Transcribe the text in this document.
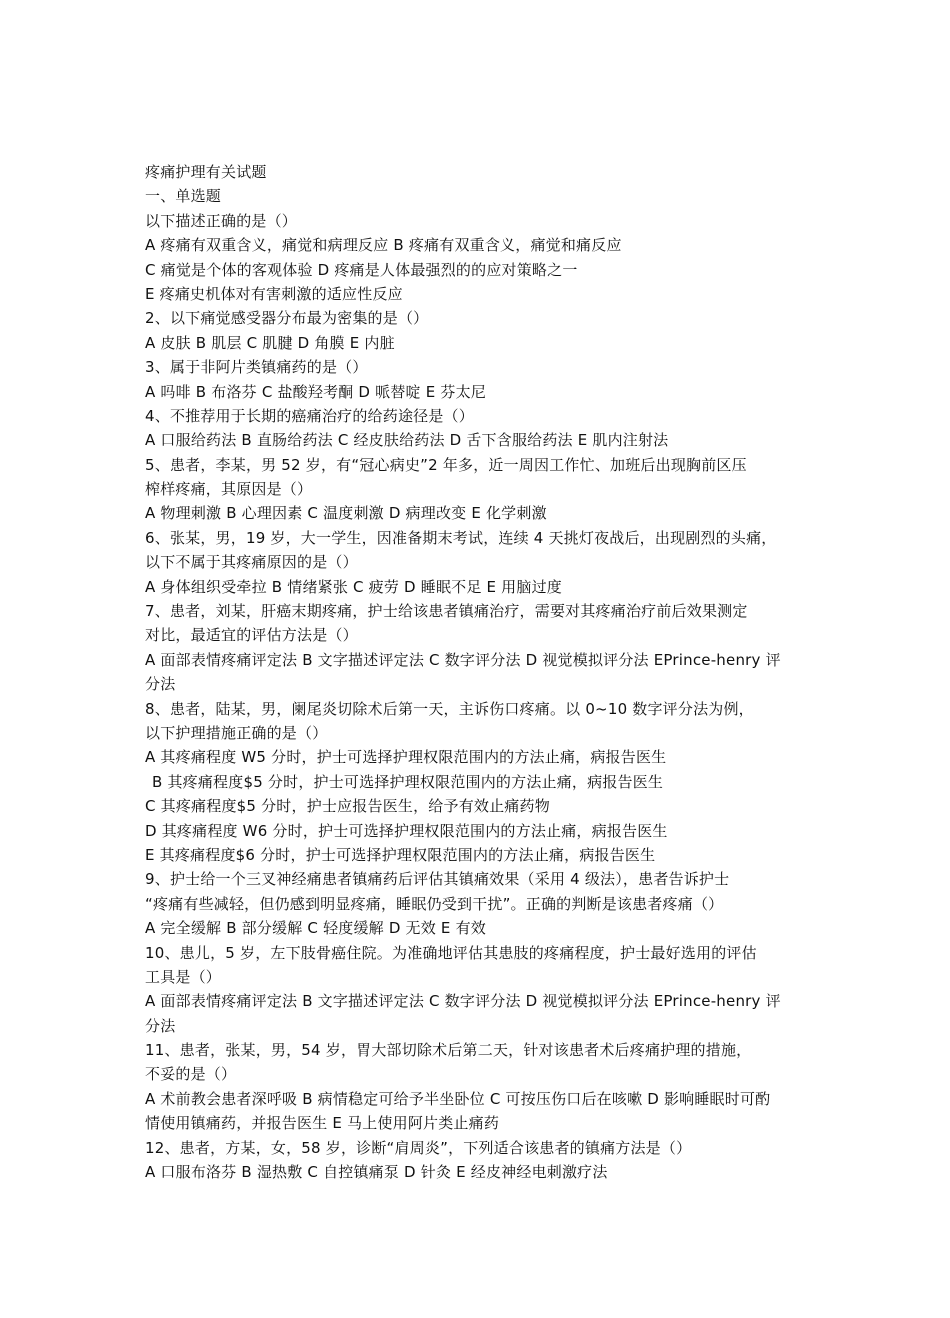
疼痛护理有关试题
一、单选题
以下描述正确的是（）
A 疼痛有双重含义，痛觉和病理反应 B 疼痛有双重含义，痛觉和痛反应
C 痛觉是个体的客观体验 D 疼痛是人体最强烈的的应对策略之一
E 疼痛史机体对有害刺激的适应性反应
2、以下痛觉感受器分布最为密集的是（）
A 皮肤 B 肌层 C 肌腱 D 角膜 E 内脏
3、属于非阿片类镇痛药的是（）
A 吗啡 B 布洛芬 C 盐酸羟考酮 D 哌替啶 E 芬太尼
4、不推荐用于长期的癌痛治疗的给药途径是（）
A 口服给药法 B 直肠给药法 C 经皮肤给药法 D 舌下含服给药法 E 肌内注射法
5、患者，李某，男 52 岁，有“冠心病史”2 年多，近一周因工作忙、加班后出现胸前区压
榨样疼痛，其原因是（）
A 物理刺激 B 心理因素 C 温度刺激 D 病理改变 E 化学刺激
6、张某，男，19 岁，大一学生，因准备期末考试，连续 4 天挑灯夜战后，出现剧烈的头痛，
以下不属于其疼痛原因的是（）
A 身体组织受牵拉 B 情绪紧张 C 疲劳 D 睡眠不足 E 用脑过度
7、患者，刘某，肝癌末期疼痛，护士给该患者镇痛治疗，需要对其疼痛治疗前后效果测定
对比，最适宜的评估方法是（）
A 面部表情疼痛评定法 B 文字描述评定法 C 数字评分法 D 视觉模拟评分法 EPrince-henry 评
分法
8、患者，陆某，男，阑尾炎切除术后第一天，主诉伤口疼痛。以 0~10 数字评分法为例，
以下护理措施正确的是（）
A 其疼痛程度 W5 分时，护士可选择护理权限范围内的方法止痛，病报告医生
B 其疼痛程度$5 分时，护士可选择护理权限范围内的方法止痛，病报告医生
C 其疼痛程度$5 分时，护士应报告医生，给予有效止痛药物
D 其疼痛程度 W6 分时，护士可选择护理权限范围内的方法止痛，病报告医生
E 其疼痛程度$6 分时，护士可选择护理权限范围内的方法止痛，病报告医生
9、护士给一个三叉神经痛患者镇痛药后评估其镇痛效果（采用 4 级法），患者告诉护士
“疼痛有些减轻，但仍感到明显疼痛，睡眠仍受到干扰”。正确的判断是该患者疼痛（）
A 完全缓解 B 部分缓解 C 轻度缓解 D 无效 E 有效
10、患儿，5 岁，左下肢骨癌住院。为准确地评估其患肢的疼痛程度，护士最好选用的评估
工具是（）
A 面部表情疼痛评定法 B 文字描述评定法 C 数字评分法 D 视觉模拟评分法 EPrince-henry 评
分法
11、患者，张某，男，54 岁，胃大部切除术后第二天，针对该患者术后疼痛护理的措施，
不妥的是（）
A 术前教会患者深呼吸 B 病情稳定可给予半坐卧位 C 可按压伤口后在咳嗽 D 影响睡眠时可酌
情使用镇痛药，并报告医生 E 马上使用阿片类止痛药
12、患者，方某，女，58 岁，诊断“肩周炎”，下列适合该患者的镇痛方法是（）
A 口服布洛芬 B 湿热敷 C 自控镇痛泵 D 针灸 E 经皮神经电刺激疗法
